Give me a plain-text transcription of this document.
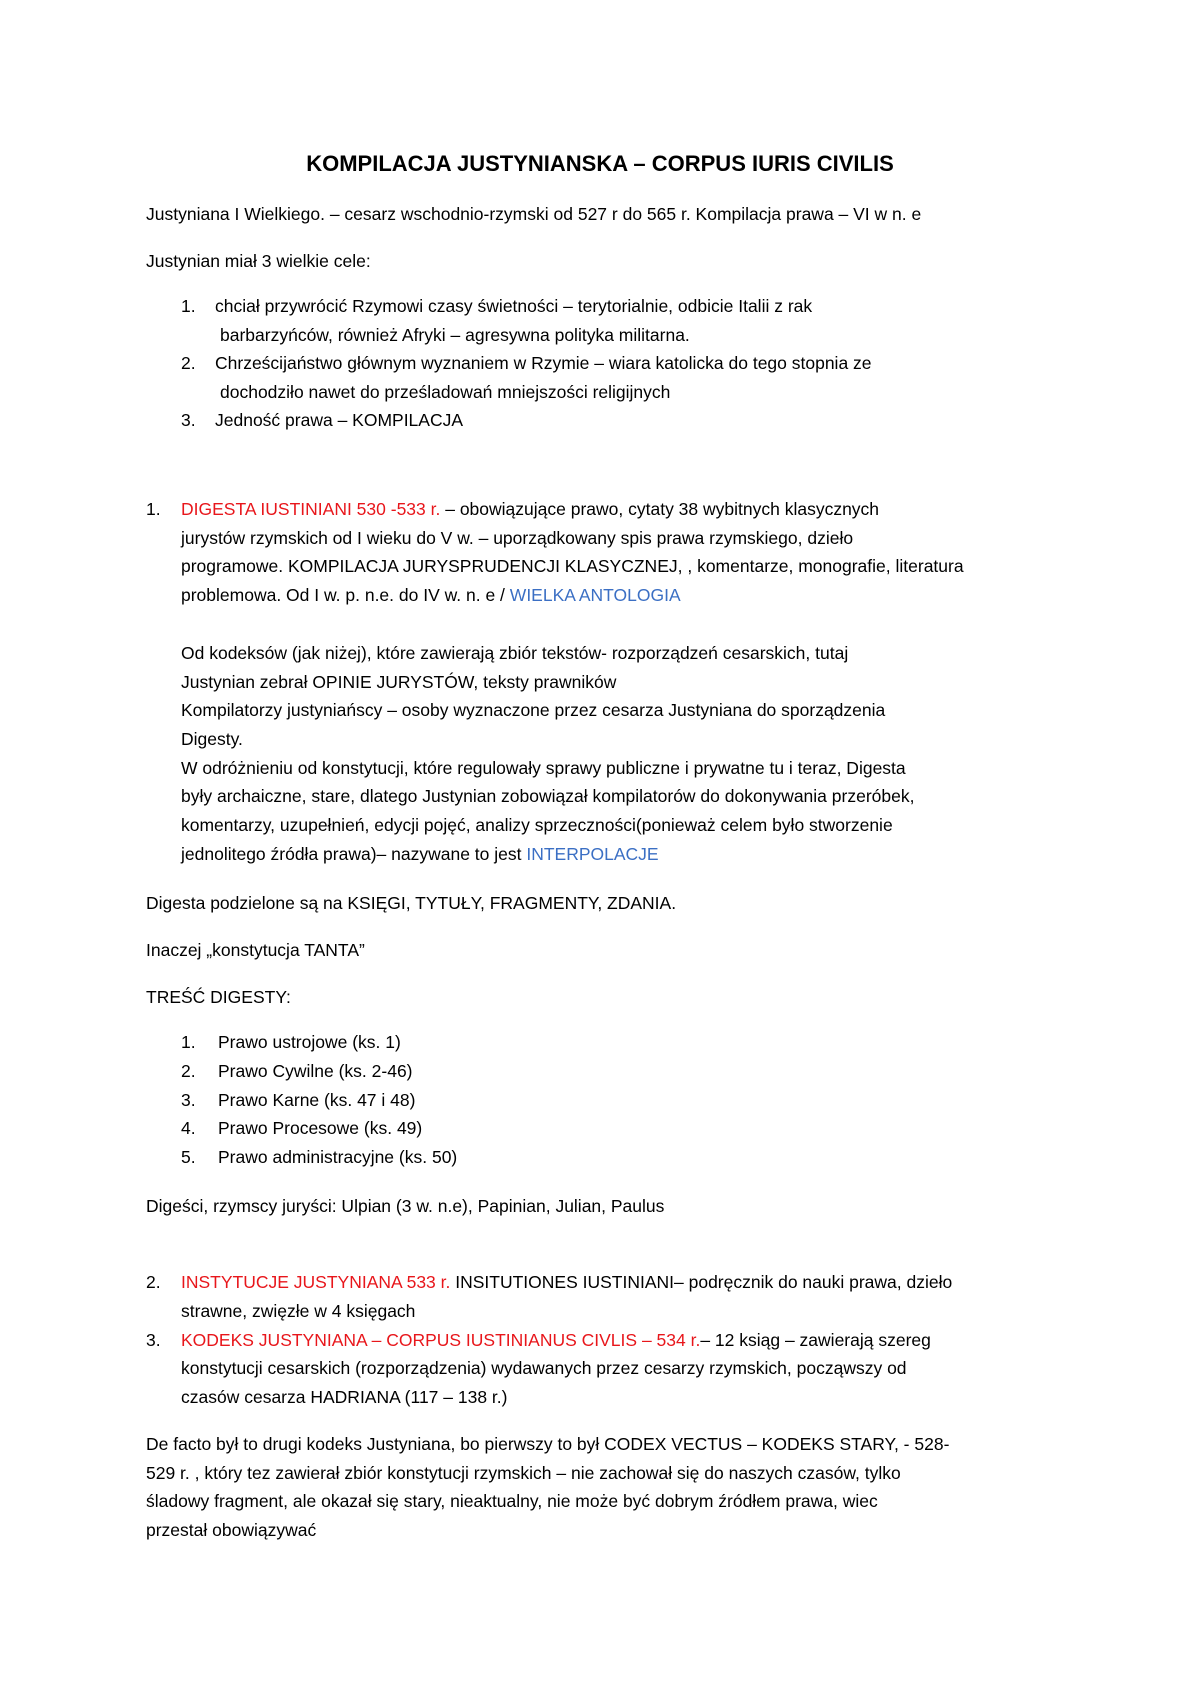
KOMPILACJA JUSTYNIANSKA – CORPUS IURIS CIVILIS
Justyniana I Wielkiego. – cesarz wschodnio-rzymski od 527 r do 565 r. Kompilacja prawa – VI w n. e
Justynian miał 3 wielkie cele:
1. chciał przywrócić Rzymowi czasy świetności – terytorialnie, odbicie Italii z rak
barbarzyńców, również Afryki – agresywna polityka militarna.
2. Chrześcijaństwo głównym wyznaniem w Rzymie – wiara katolicka do tego stopnia ze
dochodziło nawet do prześladowań mniejszości religijnych
3. Jedność prawa – KOMPILACJA
1. DIGESTA IUSTINIANI 530 -533 r. – obowiązujące prawo, cytaty 38 wybitnych klasycznych
jurystów rzymskich od I wieku do V w. – uporządkowany spis prawa rzymskiego, dzieło
programowe. KOMPILACJA JURYSPRUDENCJI KLASYCZNEJ, , komentarze, monografie, literatura
problemowa. Od I w. p. n.e. do IV w. n. e / WIELKA ANTOLOGIA
Od kodeksów (jak niżej), które zawierają zbiór tekstów- rozporządzeń cesarskich, tutaj
Justynian zebrał OPINIE JURYSTÓW, teksty prawników
Kompilatorzy justyniańscy – osoby wyznaczone przez cesarza Justyniana do sporządzenia
Digesty.
W odróżnieniu od konstytucji, które regulowały sprawy publiczne i prywatne tu i teraz, Digesta
były archaiczne, stare, dlatego Justynian zobowiązał kompilatorów do dokonywania przeróbek,
komentarzy, uzupełnień, edycji pojęć, analizy sprzeczności(ponieważ celem było stworzenie
jednolitego źródła prawa)– nazywane to jest INTERPOLACJE
Digesta podzielone są na KSIĘGI, TYTUŁY, FRAGMENTY, ZDANIA.
Inaczej „konstytucja TANTA”
TREŚĆ DIGESTY:
1. Prawo ustrojowe (ks. 1)
2. Prawo Cywilne (ks. 2-46)
3. Prawo Karne (ks. 47 i 48)
4. Prawo Procesowe (ks. 49)
5. Prawo administracyjne (ks. 50)
Digeści, rzymscy juryści: Ulpian (3 w. n.e), Papinian, Julian, Paulus
2. INSTYTUCJE JUSTYNIANA 533 r. INSITUTIONES IUSTINIANI– podręcznik do nauki prawa, dzieło
strawne, zwięzłe w 4 księgach
3. KODEKS JUSTYNIANA – CORPUS IUSTINIANUS CIVLIS – 534 r.– 12 ksiąg – zawierają szereg
konstytucji cesarskich (rozporządzenia) wydawanych przez cesarzy rzymskich, począwszy od
czasów cesarza HADRIANA (117 – 138 r.)
De facto był to drugi kodeks Justyniana, bo pierwszy to był CODEX VECTUS – KODEKS STARY, - 528-
529 r. , który tez zawierał zbiór konstytucji rzymskich – nie zachował się do naszych czasów, tylko
śladowy fragment, ale okazał się stary, nieaktualny, nie może być dobrym źródłem prawa, wiec
przestał obowiązywać
